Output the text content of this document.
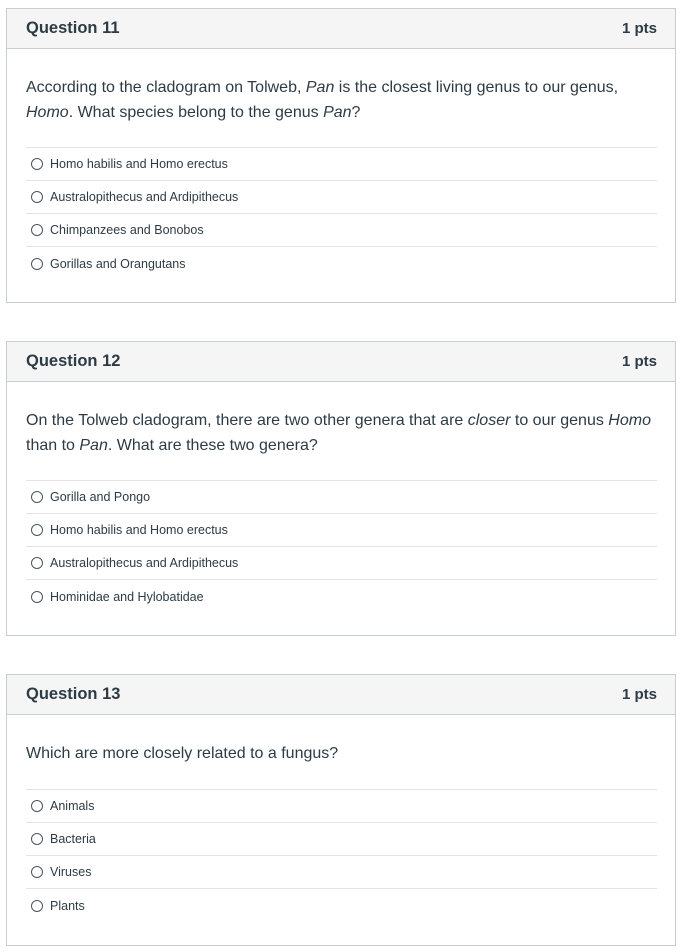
Question 11	1 pts
According to the cladogram on Tolweb, Pan is the closest living genus to our genus, Homo. What species belong to the genus Pan?
Homo habilis and Homo erectus
Australopithecus and Ardipithecus
Chimpanzees and Bonobos
Gorillas and Orangutans
Question 12	1 pts
On the Tolweb cladogram, there are two other genera that are closer to our genus Homo than to Pan. What are these two genera?
Gorilla and Pongo
Homo habilis and Homo erectus
Australopithecus and Ardipithecus
Hominidae and Hylobatidae
Question 13	1 pts
Which are more closely related to a fungus?
Animals
Bacteria
Viruses
Plants
